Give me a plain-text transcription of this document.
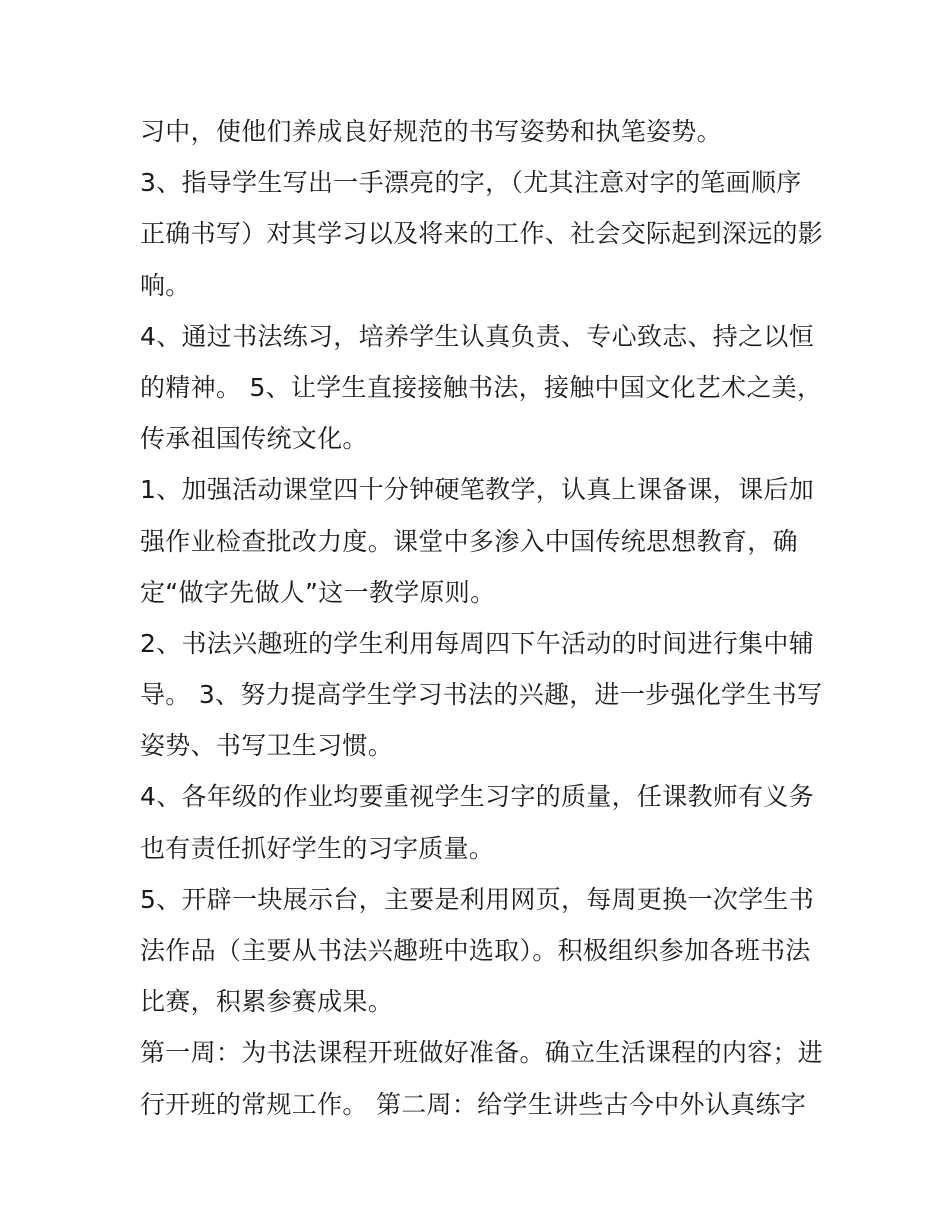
习中，使他们养成良好规范的书写姿势和执笔姿势。
3、指导学生写出一手漂亮的字，（尤其注意对字的笔画顺序
正确书写）对其学习以及将来的工作、社会交际起到深远的影
响。
4、通过书法练习，培养学生认真负责、专心致志、持之以恒
的精神。 5、让学生直接接触书法，接触中国文化艺术之美，
传承祖国传统文化。
1、加强活动课堂四十分钟硬笔教学，认真上课备课，课后加
强作业检查批改力度。课堂中多渗入中国传统思想教育，确
定“做字先做人”这一教学原则。
2、书法兴趣班的学生利用每周四下午活动的时间进行集中辅
导。 3、努力提高学生学习书法的兴趣，进一步强化学生书写
姿势、书写卫生习惯。
4、各年级的作业均要重视学生习字的质量，任课教师有义务
也有责任抓好学生的习字质量。
5、开辟一块展示台，主要是利用网页，每周更换一次学生书
法作品（主要从书法兴趣班中选取）。积极组织参加各班书法
比赛，积累参赛成果。
第一周：为书法课程开班做好准备。确立生活课程的内容；进
行开班的常规工作。 第二周：给学生讲些古今中外认真练字
